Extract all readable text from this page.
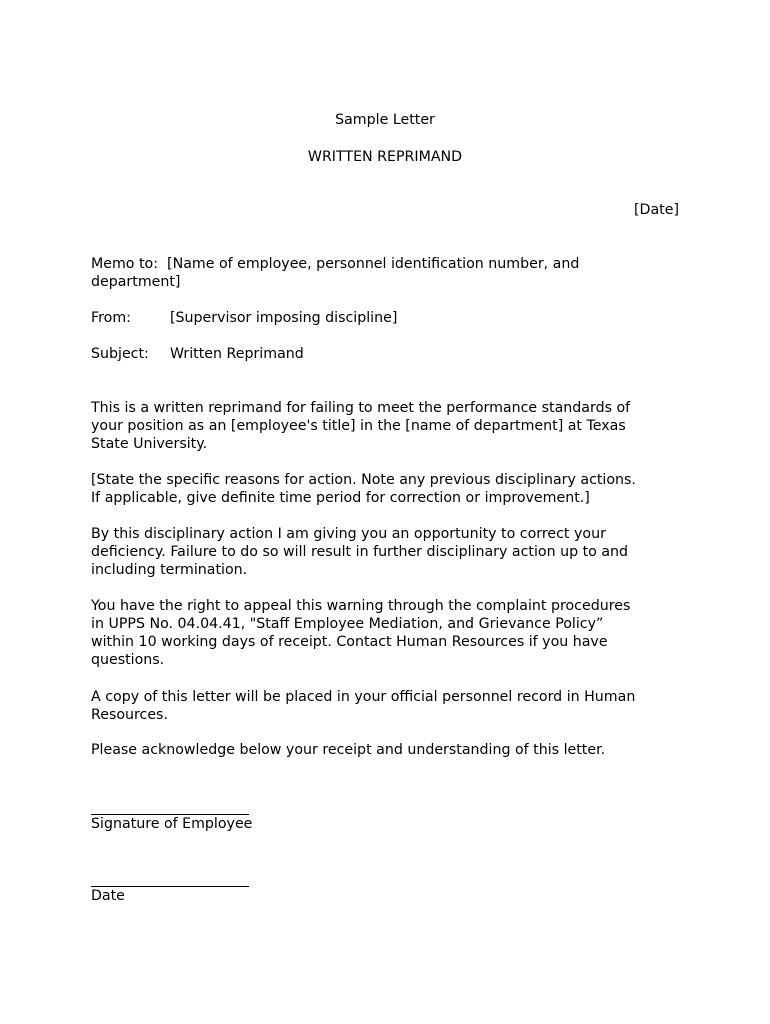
Sample Letter
WRITTEN REPRIMAND
[Date]
Memo to: [Name of employee, personnel identification number, and
department]
From:	[Supervisor imposing discipline]
Subject: Written Reprimand
This is a written reprimand for failing to meet the performance standards of
your position as an [employee's title] in the [name of department] at Texas
State University.
[State the specific reasons for action. Note any previous disciplinary actions.
If applicable, give definite time period for correction or improvement.]
By this disciplinary action I am giving you an opportunity to correct your
deficiency. Failure to do so will result in further disciplinary action up to and
including termination.
You have the right to appeal this warning through the complaint procedures
in UPPS No. 04.04.41, "Staff Employee Mediation, and Grievance Policy”
within 10 working days of receipt. Contact Human Resources if you have
questions.
A copy of this letter will be placed in your official personnel record in Human
Resources.
Please acknowledge below your receipt and understanding of this letter.
Signature of Employee
Date
